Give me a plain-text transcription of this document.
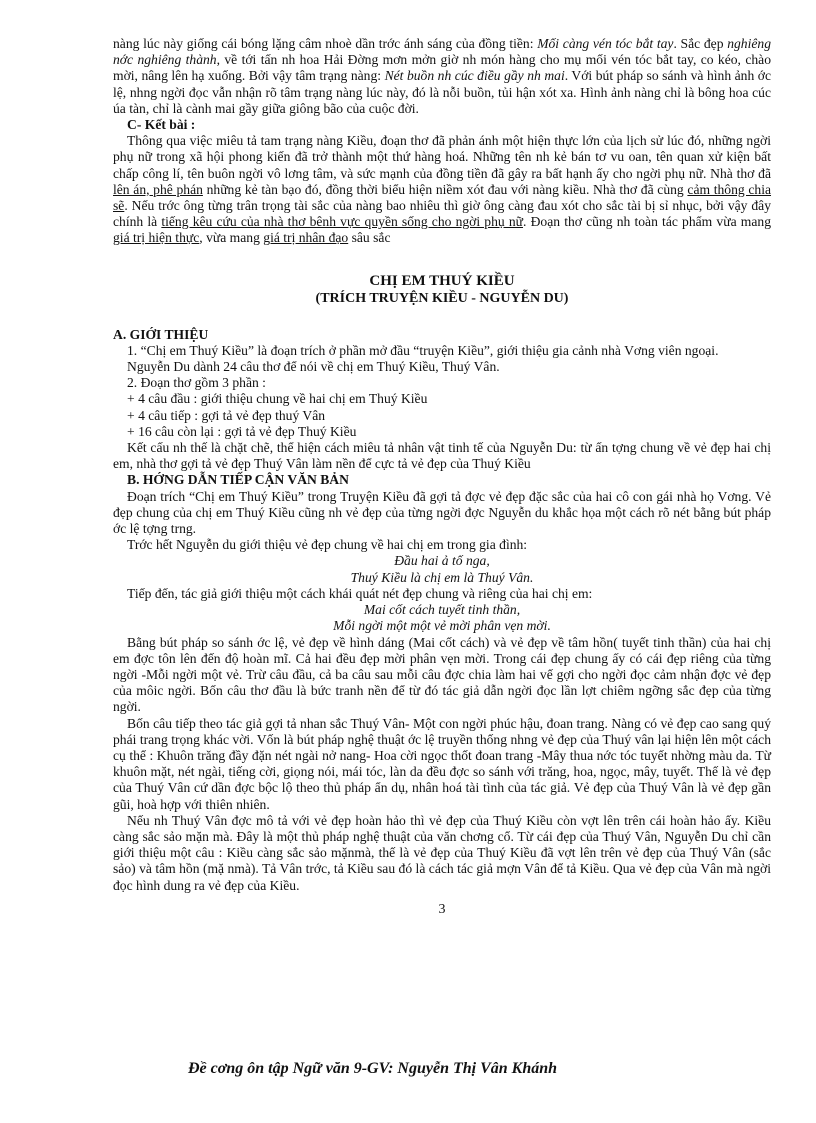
nàng lúc này giống cái bóng lặng câm nhoè dần trớc ánh sáng của đồng tiền: Mối càng vén tóc bắt tay. Sắc đẹp nghiêng nớc nghiêng thành, về tới tấn nh hoa Hải Đờng mơn mởn giờ nh món hàng cho mụ mối vén tóc bắt tay, co kéo, chào mời, nâng lên hạ xuống. Bởi vậy tâm trạng nàng: Nét buồn nh cúc điều gầy nh mai. Với bút pháp so sánh và hình ảnh ớc lệ, nhng ngời đọc vẫn nhận rõ tâm trạng nàng lúc này, đó là nỗi buồn, tủi hận xót xa. Hình ảnh nàng chỉ là bông hoa cúc úa tàn, chỉ là cành mai gầy giữa giông bão của cuộc đời.

C- Kết bài :

Thông qua việc miêu tả tam trạng nàng Kiều, đoạn thơ đã phản ánh một hiện thực lớn của lịch sử lúc đó, những ngời phụ nữ trong xã hội phong kiến đã trở thành một thứ hàng hoá. Những tên nh kẻ bán tơ vu oan, tên quan xử kiện bất chấp công lí, tên buôn ngời vô lơng tâm, và sức mạnh của đồng tiền đã gây ra bất hạnh ấy cho ngời phụ nữ. Nhà thơ đã lên án, phê phán những kẻ tàn bạo đó, đồng thời biểu hiện niềm xót đau với nàng kiều. Nhà thơ đã cùng cảm thông chia sẽ. Nếu trớc ông từng trân trọng tài sắc của nàng bao nhiêu thì giờ ông càng đau xót cho sắc tài bị sỉ nhục, bởi vậy đây chính là tiếng kêu cứu của nhà thơ bênh vực quyền sống cho ngời phụ nữ. Đoạn thơ cũng nh toàn tác phẩm vừa mang giá trị hiện thực, vừa mang giá trị nhân đạo sâu sắc

CHỊ EM THUÝ KIỀU
(TRÍCH TRUYỆN KIỀU - NGUYỄN DU)

A. GIỚI THIỆU

1. “Chị em Thuý Kiều” là đoạn trích ở phần mở đầu “truyện Kiều”, giới thiệu gia cảnh nhà Vơng viên ngoại.

Nguyễn Du dành 24 câu thơ để nói về chị em Thuý Kiều, Thuý Vân.

2. Đoạn thơ gồm 3 phần :

+ 4 câu đầu : giới thiệu chung về hai chị em Thuý Kiều

+ 4 câu tiếp : gợi tả vẻ đẹp thuý Vân

+ 16 câu còn lại : gợi tả vẻ đẹp Thuý Kiều

Kết cấu nh thế là chặt chẽ, thể hiện cách miêu tả nhân vật tinh tế của Nguyễn Du: từ ấn tợng chung về vẻ đẹp hai chị em, nhà thơ gợi tả vẻ đẹp Thuý Vân làm nền để cực tả vẻ đẹp của Thuý Kiều

B. HỚNG DẪN TIẾP CẬN VĂN BẢN

Đoạn trích “Chị em Thuý Kiều” trong Truyện Kiều đã gợi tả đợc vẻ đẹp đặc sắc của hai cô con gái nhà họ Vơng. Vẻ đẹp chung của chị em Thuý Kiều cũng nh vẻ đẹp của từng ngời đợc Nguyễn du khắc họa một cách rõ nét bằng bút pháp ớc lệ tợng trng.

Trớc hết Nguyễn du giới thiệu vẻ đẹp chung về hai chị em trong gia đình:

Đầu hai ả tố nga,

Thuý Kiều là chị em là Thuý Vân.

Tiếp đến, tác giả giới thiệu một cách khái quát nét đẹp chung và riêng của hai chị em:

Mai cốt cách tuyết tinh thần,

Mỗi ngời một một vẻ mời phân vẹn mời.

Bằng bút pháp so sánh ớc lệ, vẻ đẹp về hình dáng (Mai cốt cách) và vẻ đẹp về tâm hồn( tuyết tinh thần) của hai chị em đợc tôn lên đến độ hoàn mĩ. Cả hai đều đẹp mời phân vẹn mời. Trong cái đẹp chung ấy có cái đẹp riêng của từng ngời -Mỗi ngời một vẻ. Trừ câu đầu, cả ba câu sau mỗi câu đợc chia làm hai vế gợi cho ngời đọc cảm nhận đợc vẻ đẹp của môic ngời. Bốn câu thơ đầu là bức tranh nền để từ đó tác giả dẫn ngời đọc lần lợt chiêm ngỡng sắc đẹp của từng ngời.

Bốn câu tiếp theo tác giả gợi tả nhan sắc Thuý Vân- Một con ngời phúc hậu, đoan trang. Nàng có vẻ đẹp cao sang quý phái trang trọng khác vời. Vốn là bút pháp nghệ thuật ớc lệ truyền thống nhng vẻ đẹp của Thuý vân lại hiện lên một cách cụ thể : Khuôn trăng đầy đặn nét ngài nở nang- Hoa cời ngọc thốt đoan trang -Mây thua nớc tóc tuyết nhờng màu da. Từ khuôn mặt, nét ngài, tiếng cời, giọng nói, mái tóc, làn da đều đợc so sánh với trăng, hoa, ngọc, mây, tuyết. Thế là vẻ đẹp của Thuý Vân cứ dần đợc bộc lộ theo thủ pháp ẩn dụ, nhân hoá tài tình của tác giả. Vẻ đẹp của Thuý Vân là vẻ đẹp gần gũi, hoà hợp với thiên nhiên.

Nếu nh Thuý Vân đợc mô tả với vẻ đẹp hoàn hảo thì vẻ đẹp của Thuý Kiều còn vợt lên trên cái hoàn hảo ấy. Kiều càng sắc sảo mặn mà. Đây là một thủ pháp nghệ thuật của văn chơng cổ. Từ cái đẹp của Thuý Vân, Nguyễn Du chỉ cần giới thiệu một câu : Kiều càng sắc sảo mặnmà, thế là vẻ đẹp của Thuý Kiều đã vợt lên trên vẻ đẹp của Thuý Vân (sắc sảo) và tâm hồn (mặ nmà). Tả Vân trớc, tả Kiều sau đó là cách tác giả mợn Vân để tả Kiều. Qua vẻ đẹp của Vân mà ngời đọc hình dung ra vẻ đẹp của Kiều.

3

Đề cơng ôn tập Ngữ văn 9-GV: Nguyễn Thị Vân Khánh
